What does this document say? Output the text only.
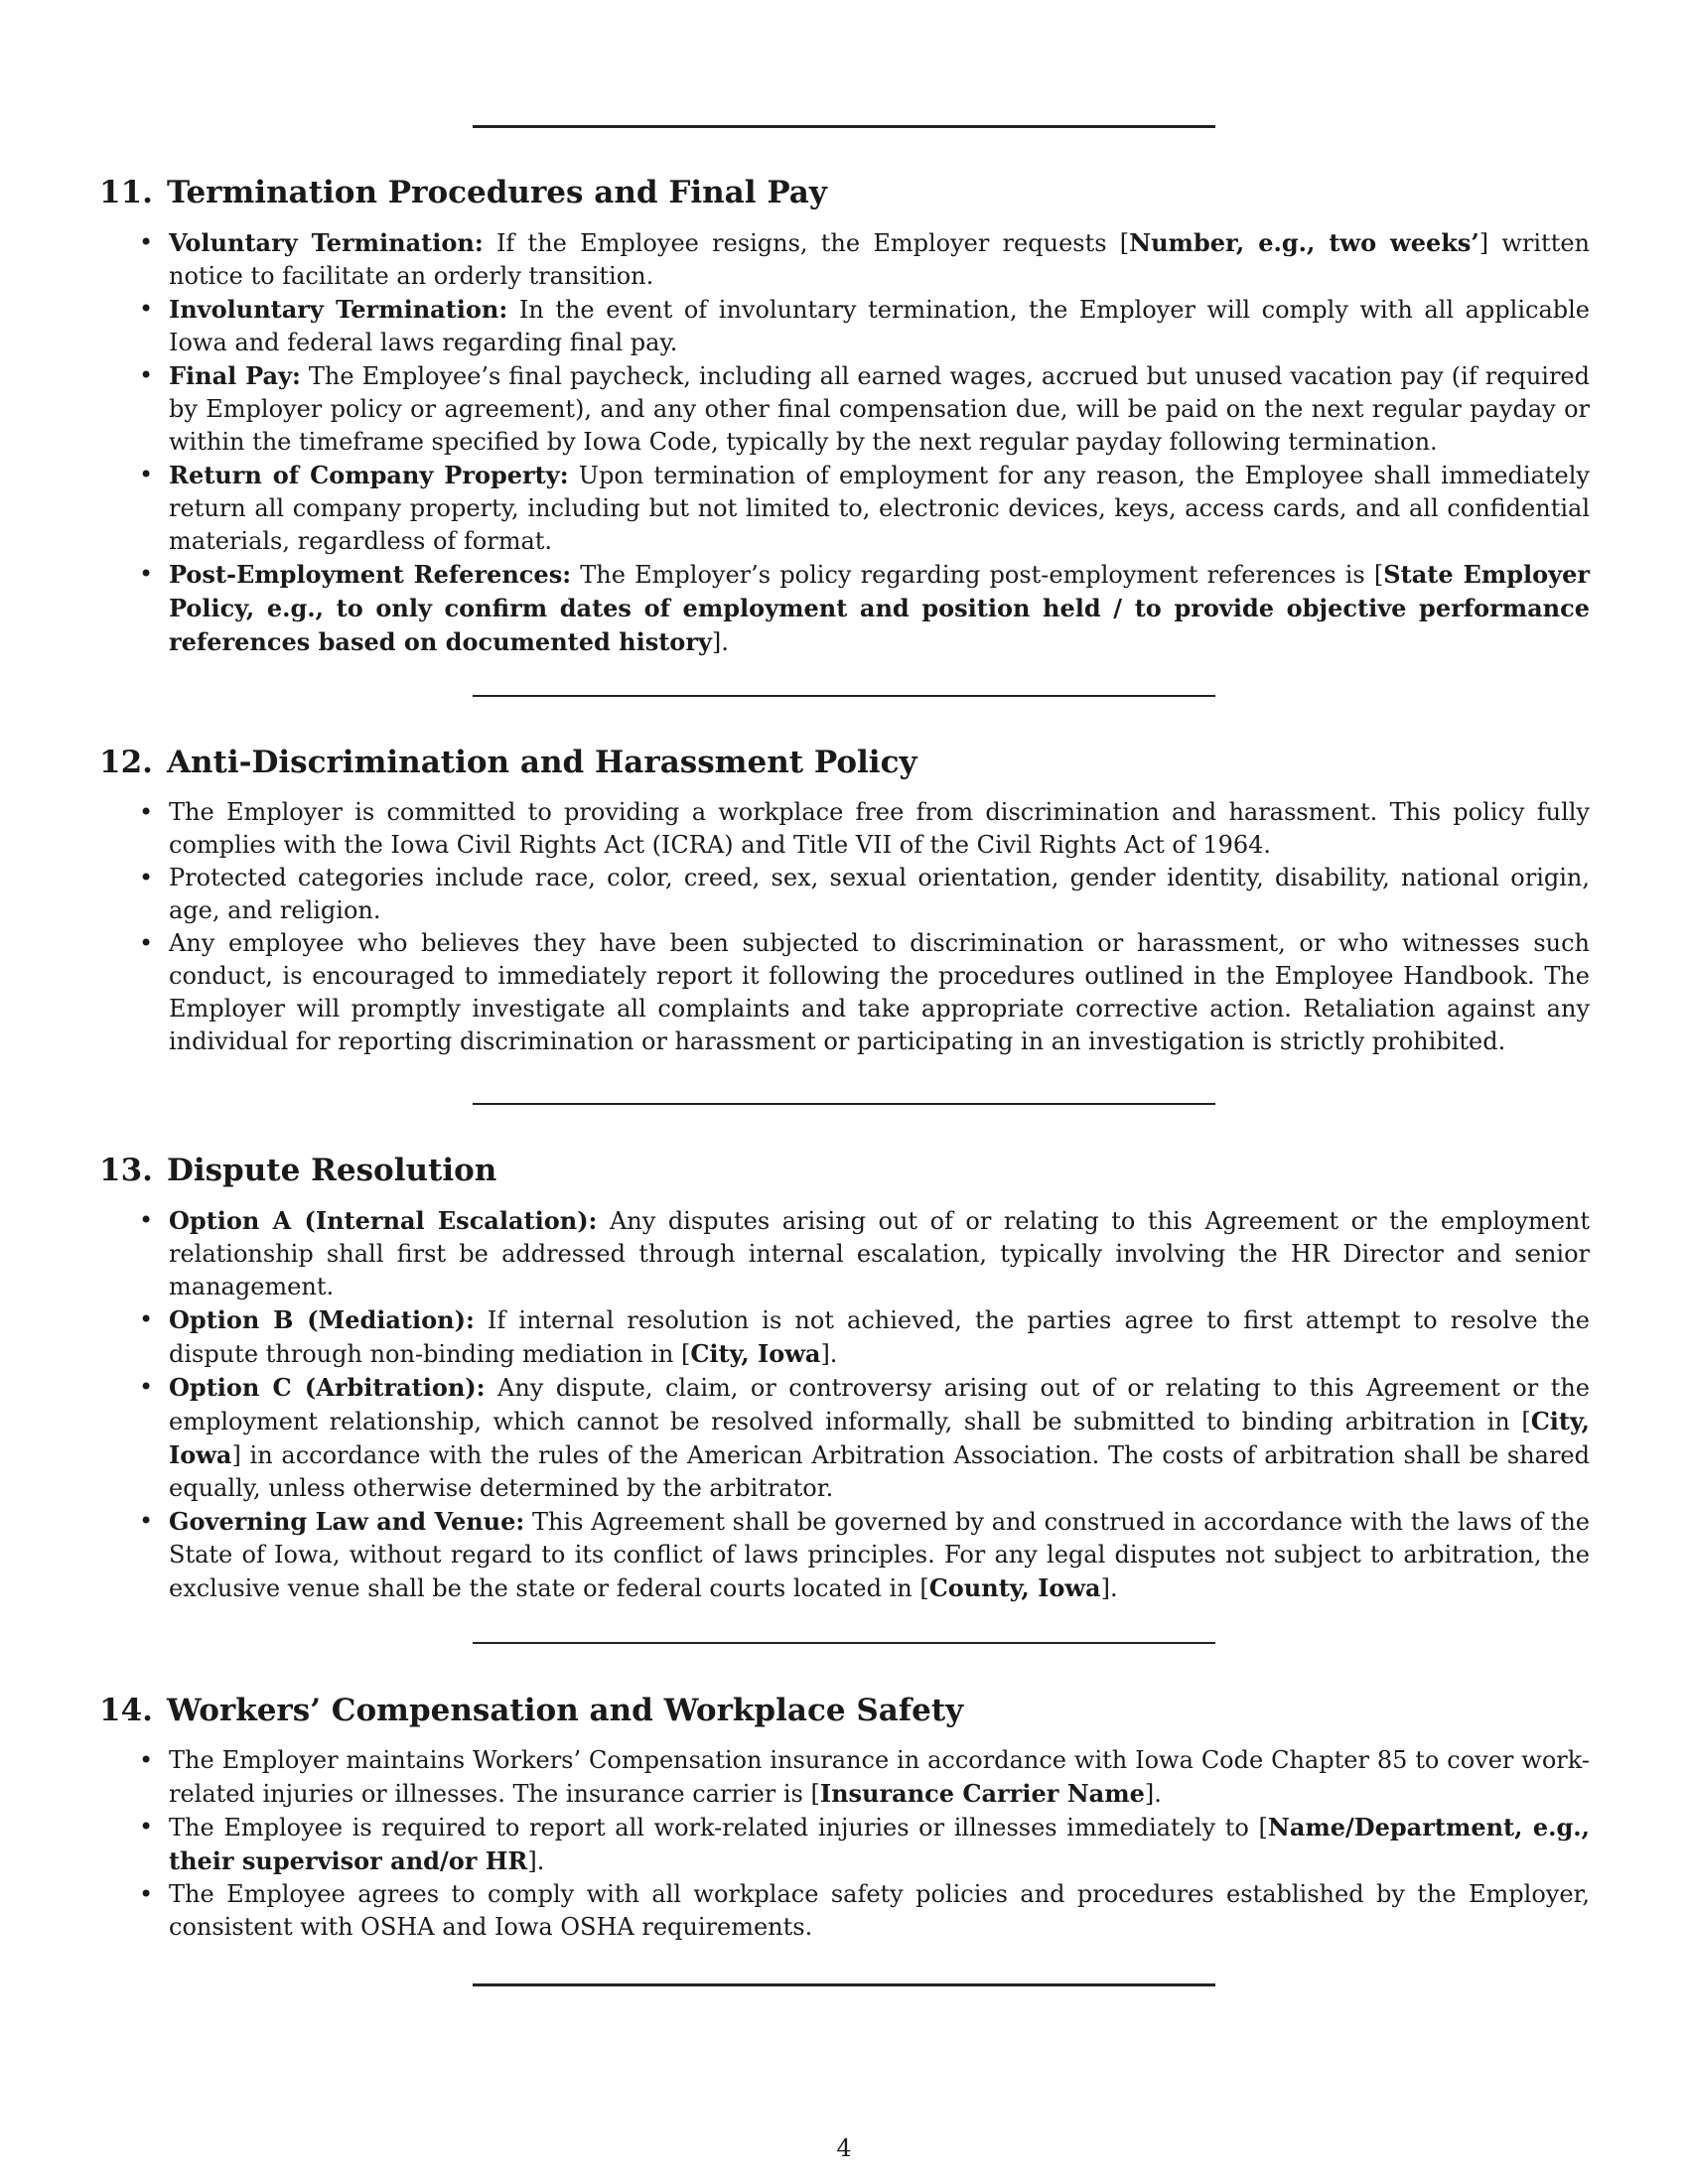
11. Termination Procedures and Final Pay
• Voluntary Termination: If the Employee resigns, the Employer requests [Number, e.g., two weeks’] written notice to facilitate an orderly transition.
• Involuntary Termination: In the event of involuntary termination, the Employer will comply with all applicable Iowa and federal laws regarding final pay.
• Final Pay: The Employee’s final paycheck, including all earned wages, accrued but unused vacation pay (if required by Employer policy or agreement), and any other final compensation due, will be paid on the next regular payday or within the timeframe specified by Iowa Code, typically by the next regular payday following termination.
• Return of Company Property: Upon termination of employment for any reason, the Employee shall immediately return all company property, including but not limited to, electronic devices, keys, access cards, and all confidential materials, regardless of format.
• Post-Employment References: The Employer’s policy regarding post-employment references is [State Employer Policy, e.g., to only confirm dates of employment and position held / to provide objective performance references based on documented history].
12. Anti-Discrimination and Harassment Policy
• The Employer is committed to providing a workplace free from discrimination and harassment. This policy fully complies with the Iowa Civil Rights Act (ICRA) and Title VII of the Civil Rights Act of 1964.
• Protected categories include race, color, creed, sex, sexual orientation, gender identity, disability, national origin, age, and religion.
• Any employee who believes they have been subjected to discrimination or harassment, or who witnesses such conduct, is encouraged to immediately report it following the procedures outlined in the Employee Handbook. The Employer will promptly investigate all complaints and take appropriate corrective action. Retaliation against any individual for reporting discrimination or harassment or participating in an investigation is strictly prohibited.
13. Dispute Resolution
• Option A (Internal Escalation): Any disputes arising out of or relating to this Agreement or the employment relationship shall first be addressed through internal escalation, typically involving the HR Director and senior management.
• Option B (Mediation): If internal resolution is not achieved, the parties agree to first attempt to resolve the dispute through non-binding mediation in [City, Iowa].
• Option C (Arbitration): Any dispute, claim, or controversy arising out of or relating to this Agreement or the employment relationship, which cannot be resolved informally, shall be submitted to binding arbitration in [City, Iowa] in accordance with the rules of the American Arbitration Association. The costs of arbitration shall be shared equally, unless otherwise determined by the arbitrator.
• Governing Law and Venue: This Agreement shall be governed by and construed in accordance with the laws of the State of Iowa, without regard to its conflict of laws principles. For any legal disputes not subject to arbitration, the exclusive venue shall be the state or federal courts located in [County, Iowa].
14. Workers’ Compensation and Workplace Safety
• The Employer maintains Workers’ Compensation insurance in accordance with Iowa Code Chapter 85 to cover work-related injuries or illnesses. The insurance carrier is [Insurance Carrier Name].
• The Employee is required to report all work-related injuries or illnesses immediately to [Name/Department, e.g., their supervisor and/or HR].
• The Employee agrees to comply with all workplace safety policies and procedures established by the Employer, consistent with OSHA and Iowa OSHA requirements.
4
